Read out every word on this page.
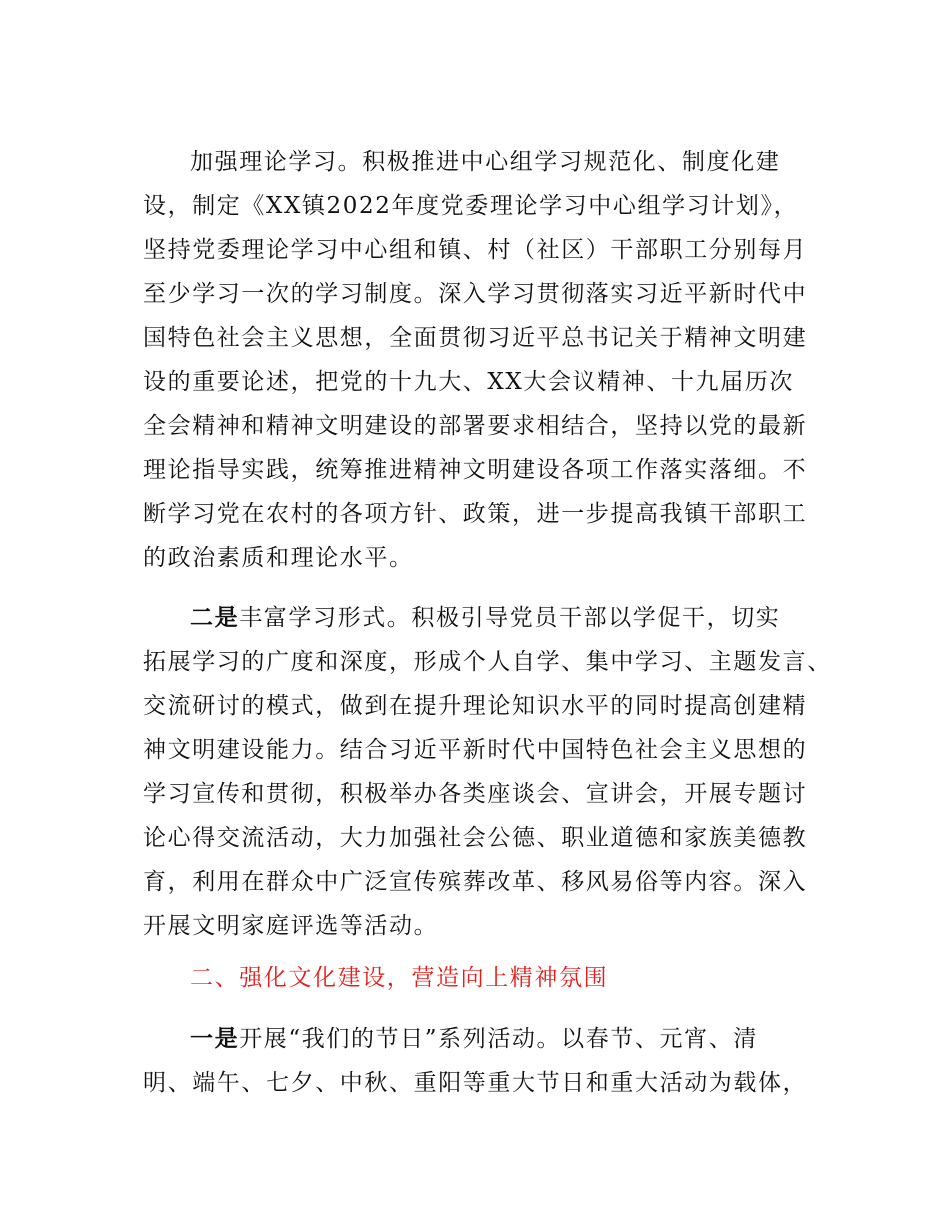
加强理论学习。积极推进中心组学习规范化、制度化建
设，制定《XX镇2022年度党委理论学习中心组学习计划》，
坚持党委理论学习中心组和镇、村（社区）干部职工分别每月
至少学习一次的学习制度。深入学习贯彻落实习近平新时代中
国特色社会主义思想，全面贯彻习近平总书记关于精神文明建
设的重要论述，把党的十九大、XX大会议精神、十九届历次
全会精神和精神文明建设的部署要求相结合，坚持以党的最新
理论指导实践，统筹推进精神文明建设各项工作落实落细。不
断学习党在农村的各项方针、政策，进一步提高我镇干部职工
的政治素质和理论水平。
二是丰富学习形式。积极引导党员干部以学促干，切实
拓展学习的广度和深度，形成个人自学、集中学习、主题发言、
交流研讨的模式，做到在提升理论知识水平的同时提高创建精
神文明建设能力。结合习近平新时代中国特色社会主义思想的
学习宣传和贯彻，积极举办各类座谈会、宣讲会，开展专题讨
论心得交流活动，大力加强社会公德、职业道德和家族美德教
育，利用在群众中广泛宣传殡葬改革、移风易俗等内容。深入
开展文明家庭评选等活动。
二、强化文化建设，营造向上精神氛围
一是开展“我们的节日”系列活动。以春节、元宵、清
明、端午、七夕、中秋、重阳等重大节日和重大活动为载体，
